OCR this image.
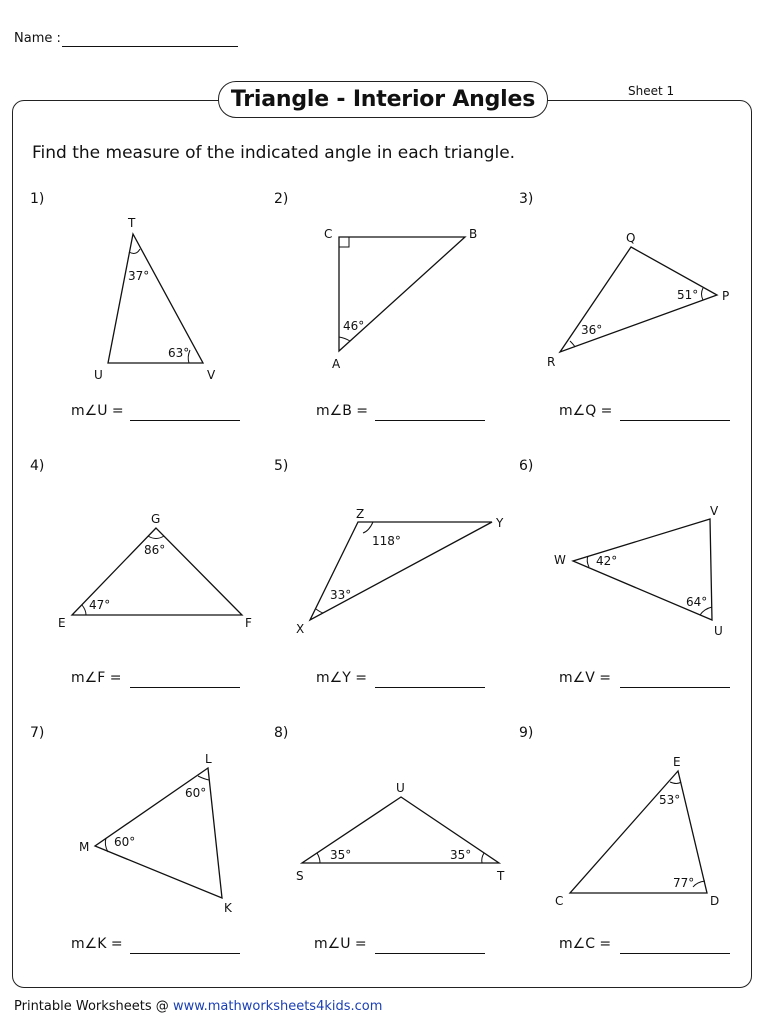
Name :
Triangle - Interior Angles	Sheet 1
Find the measure of the indicated angle in each triangle.
1)	2)	3)
4)	5)	6)
7)	8)	9)
m∠U =	m∠B =	m∠Q =
m∠F =	m∠Y =	m∠V =
m∠K =	m∠U =	m∠C =
T
U	V
37°
63°
C	B
A
46°
Q
P
R
51°
36°
G
E	F
86°
47°
Z
Y
X
118°
33°
V
W
U
42°
64°
L
M
K
60°
60°
U
S	T
35°	35°
E
C	D
53°
77°
Printable Worksheets @ www.mathworksheets4kids.com
